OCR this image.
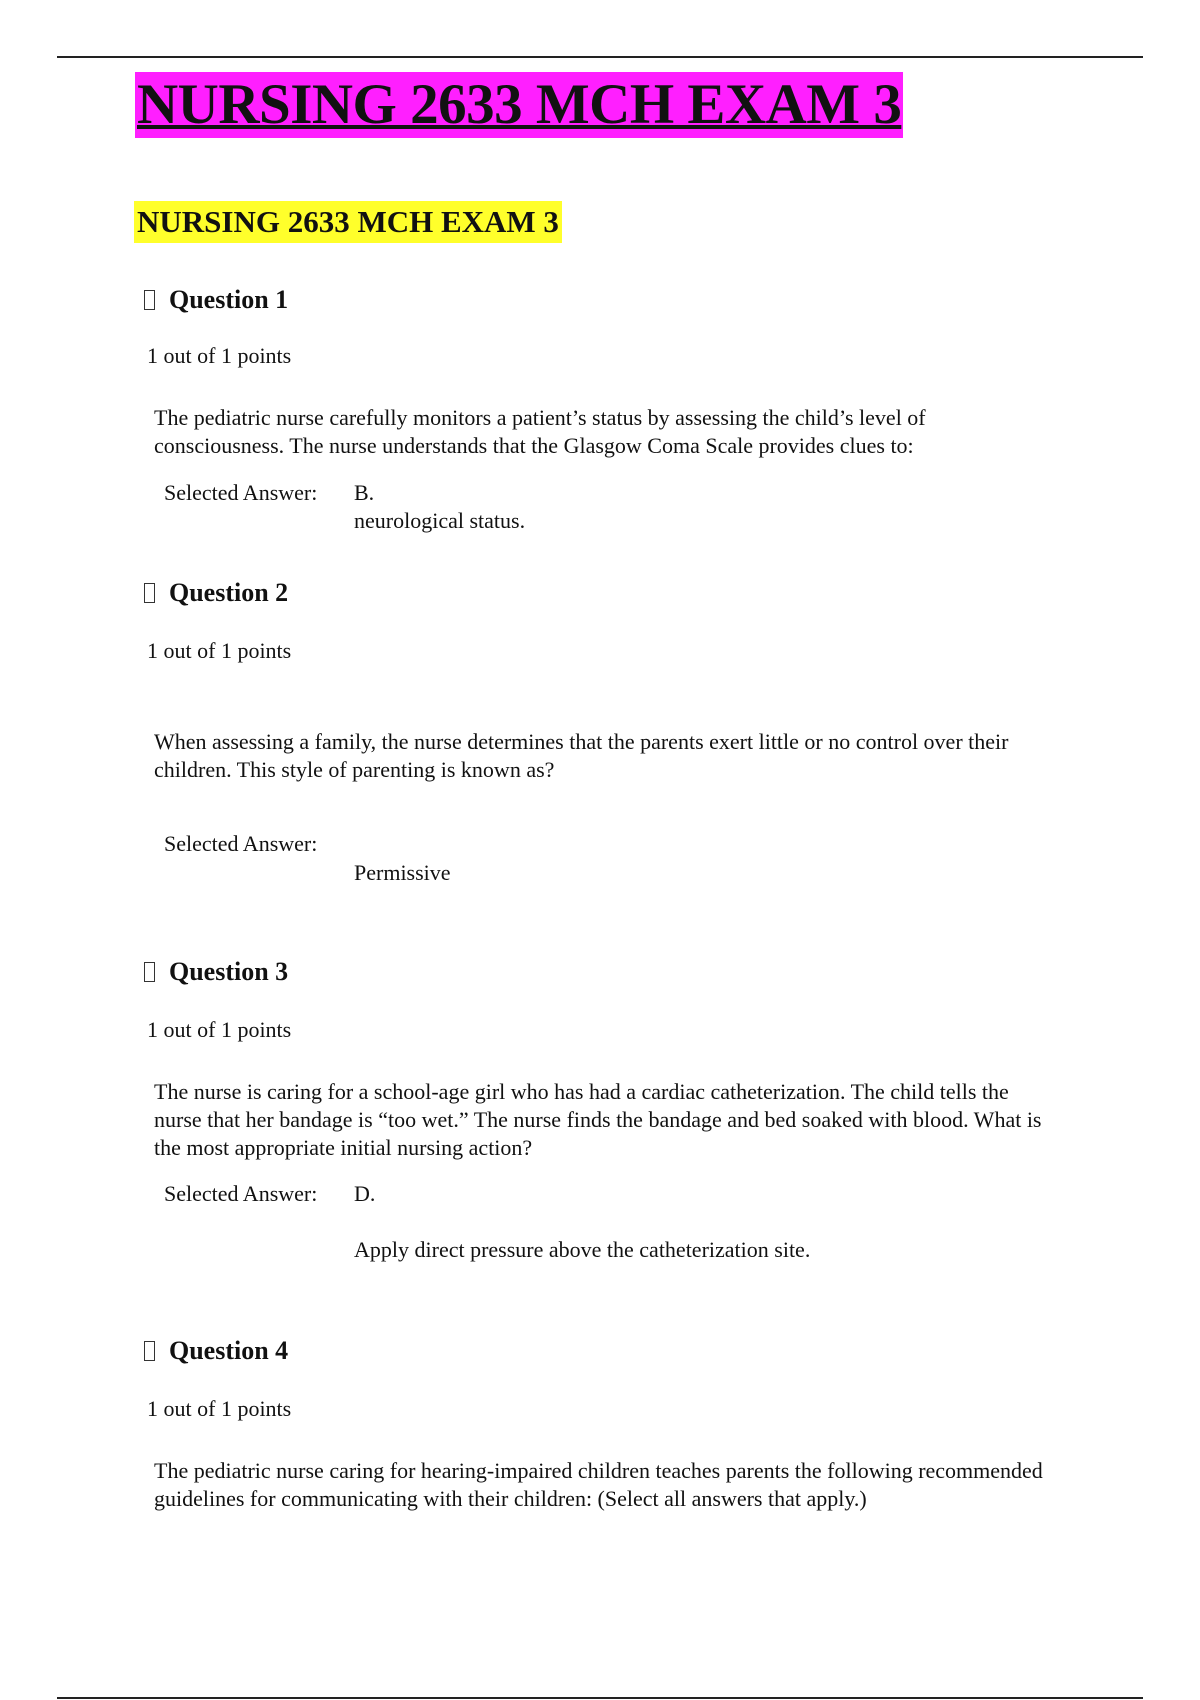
NURSING 2633 MCH EXAM 3
NURSING 2633 MCH EXAM 3
Question 1
1 out of 1 points
The pediatric nurse carefully monitors a patient’s status by assessing the child’s level of consciousness. The nurse understands that the Glasgow Coma Scale provides clues to:
Selected Answer: B.
neurological status.
Question 2
1 out of 1 points
When assessing a family, the nurse determines that the parents exert little or no control over their children. This style of parenting is known as?
Selected Answer:
Permissive
Question 3
1 out of 1 points
The nurse is caring for a school-age girl who has had a cardiac catheterization. The child tells the nurse that her bandage is “too wet.” The nurse finds the bandage and bed soaked with blood. What is the most appropriate initial nursing action?
Selected Answer: D.
Apply direct pressure above the catheterization site.
Question 4
1 out of 1 points
The pediatric nurse caring for hearing-impaired children teaches parents the following recommended guidelines for communicating with their children: (Select all answers that apply.)
